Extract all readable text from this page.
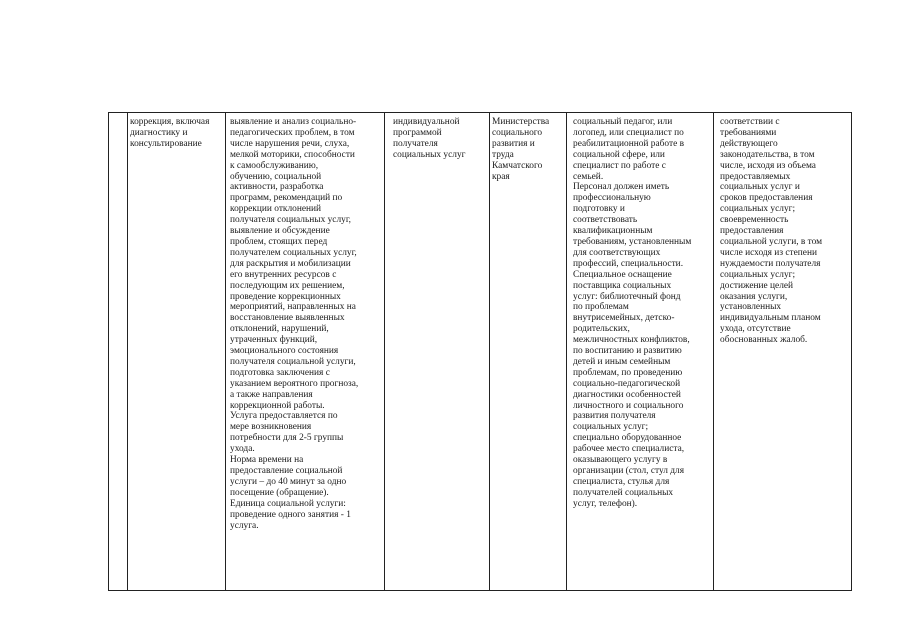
коррекция, включая
диагностику и
консультирование
выявление и анализ социально-
педагогических проблем, в том
числе нарушения речи, слуха,
мелкой моторики, способности
к самообслуживанию,
обучению, социальной
активности, разработка
программ, рекомендаций по
коррекции отклонений
получателя социальных услуг,
выявление и обсуждение
проблем, стоящих перед
получателем социальных услуг,
для раскрытия и мобилизации
его внутренних ресурсов с
последующим их решением,
проведение коррекционных
мероприятий, направленных на
восстановление выявленных
отклонений, нарушений,
утраченных функций,
эмоционального состояния
получателя социальной услуги,
подготовка заключения с
указанием вероятного прогноза,
а также направления
коррекционной работы.
Услуга предоставляется по
мере возникновения
потребности для 2-5 группы
ухода.
Норма времени на
предоставление социальной
услуги – до 40 минут за одно
посещение (обращение).
Единица социальной услуги:
проведение одного занятия - 1
услуга.
индивидуальной
программой
получателя
социальных услуг
Министерства
социального
развития и
труда
Камчатского
края
социальный педагог, или
логопед, или специалист по
реабилитационной работе в
социальной сфере, или
специалист по работе с
семьей.
Персонал должен иметь
профессиональную
подготовку и
соответствовать
квалификационным
требованиям, установленным
для соответствующих
профессий, специальности.
Специальное оснащение
поставщика социальных
услуг: библиотечный фонд
по проблемам
внутрисемейных, детско-
родительских,
межличностных конфликтов,
по воспитанию и развитию
детей и иным семейным
проблемам, по проведению
социально-педагогической
диагностики особенностей
личностного и социального
развития получателя
социальных услуг;
специально оборудованное
рабочее место специалиста,
оказывающего услугу в
организации (стол, стул для
специалиста, стулья для
получателей социальных
услуг, телефон).
соответствии с
требованиями
действующего
законодательства, в том
числе, исходя из объема
предоставляемых
социальных услуг и
сроков предоставления
социальных услуг;
своевременность
предоставления
социальной услуги, в том
числе исходя из степени
нуждаемости получателя
социальных услуг;
достижение целей
оказания услуги,
установленных
индивидуальным планом
ухода, отсутствие
обоснованных жалоб.
